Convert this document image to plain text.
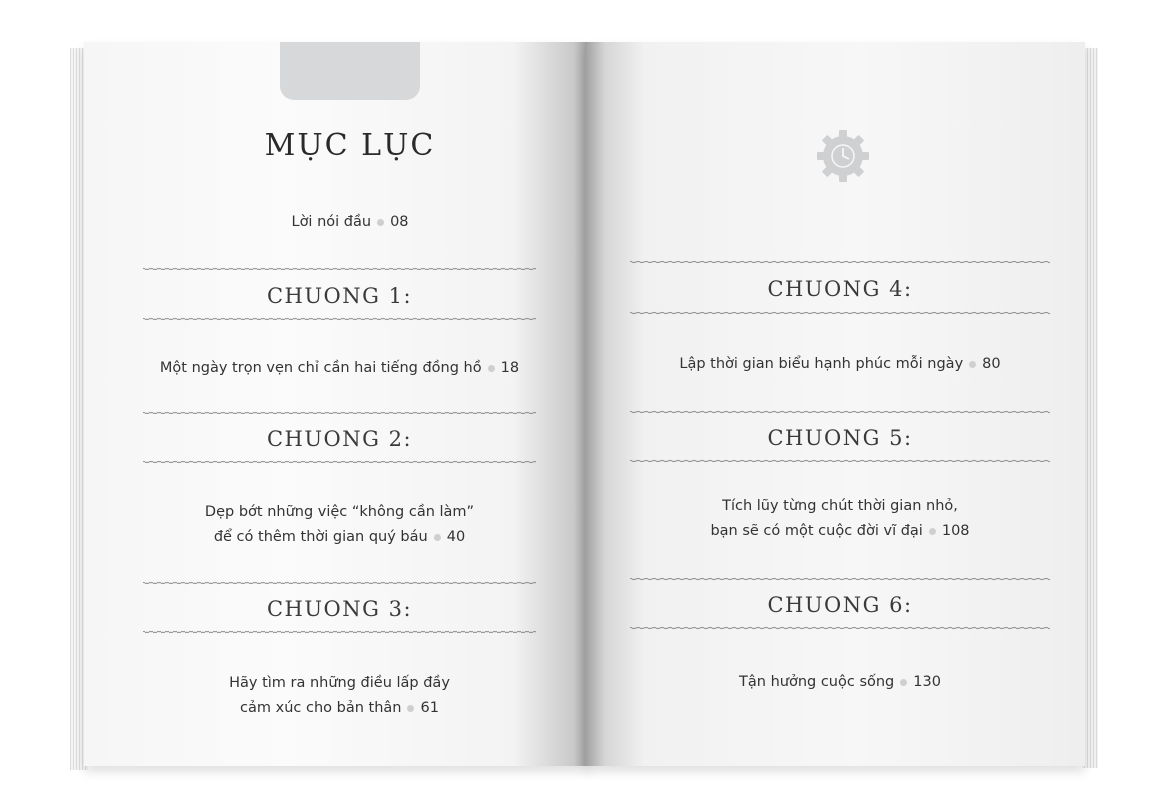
MỤC LỤC
Lời nói đầu 08
CHUONG 1:
Một ngày trọn vẹn chỉ cần hai tiếng đồng hồ 18
CHUONG 2:
Dẹp bớt những việc “không cần làm”
để có thêm thời gian quý báu 40
CHUONG 3:
Hãy tìm ra những điều lấp đầy
cảm xúc cho bản thân 61
CHUONG 4:
Lập thời gian biểu hạnh phúc mỗi ngày 80
CHUONG 5:
Tích lũy từng chút thời gian nhỏ,
bạn sẽ có một cuộc đời vĩ đại 108
CHUONG 6:
Tận hưởng cuộc sống 130
